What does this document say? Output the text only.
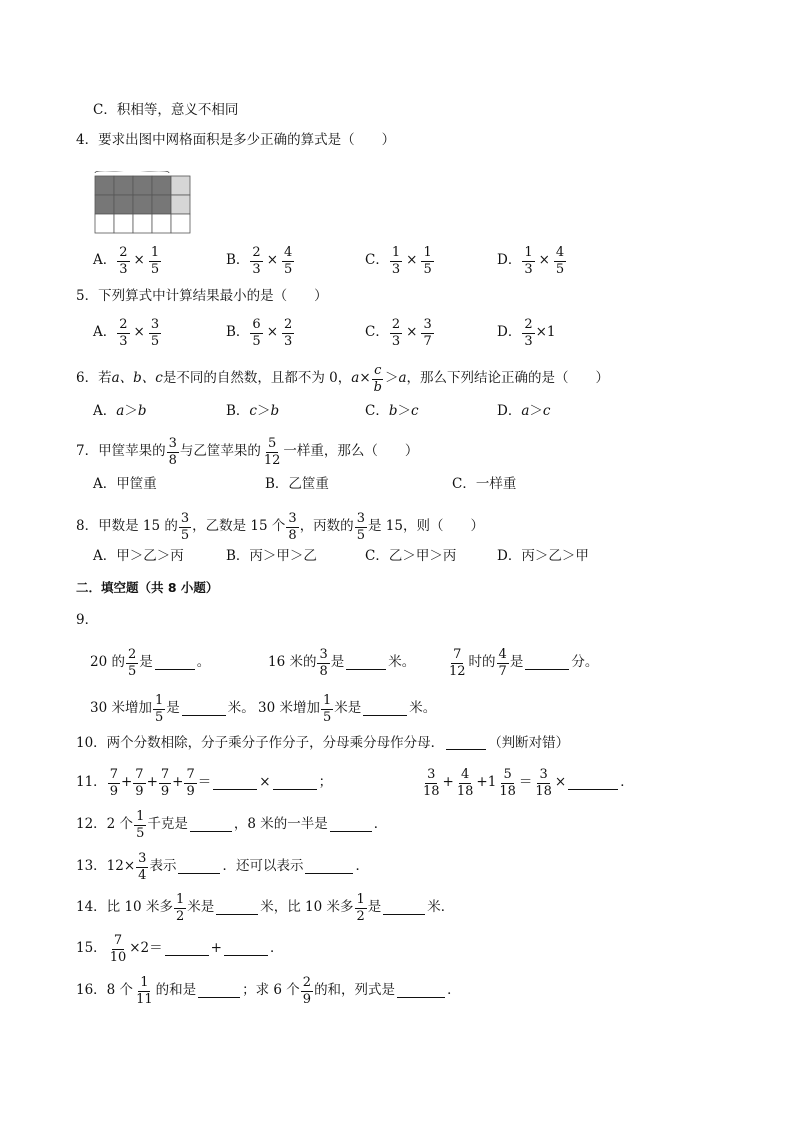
C．积相等，意义不相同
4．要求出图中网格面积是多少正确的算式是（　　）
A． $\frac{2}{3} \times \frac{1}{5}$	B． $\frac{2}{3} \times \frac{4}{5}$	C． $\frac{1}{3} \times \frac{1}{5}$	D． $\frac{1}{3} \times \frac{4}{5}$
5．下列算式中计算结果最小的是（　　）
A． $\frac{2}{3} \times \frac{3}{5}$	B． $\frac{6}{5} \times \frac{2}{3}$	C． $\frac{2}{3} \times \frac{3}{7}$	D． $\frac{2}{3} \times 1$
6．若 a、b、c 是不同的自然数，且都不为 0， $a \times \frac{c}{b} > a$ ，那么下列结论正确的是（　　）
A． a ＞ b	B． c ＞ b	C． b ＞ c	D． a ＞ c
7．甲筐苹果的 $\frac{3}{8}$ 与乙筐苹果的 $\frac{5}{12}$ 一样重，那么（　　）
A．甲筐重	B．乙筐重	C．一样重
8．甲数是 15 的 $\frac{3}{5}$ ，乙数是 15 个 $\frac{3}{8}$ ，丙数的 $\frac{3}{5}$ 是 15，则（　　）
A．甲＞乙＞丙	B．丙＞甲＞乙	C．乙＞甲＞丙	D．丙＞乙＞甲
二．填空题（共 8 小题）
9．
20 的 $\frac{2}{5}$ 是	。	16 米的 $\frac{3}{8}$ 是	米。 $\frac{7}{12}$ 时的 $\frac{4}{7}$ 是	分。
30 米增加 $\frac{1}{5}$ 是	米。 30 米增加 $\frac{1}{5}$ 米是	米。
10．两个分数相除，分子乘分子作分子，分母乘分母作分母．	（判断对错）
11． $\frac{7}{9} + \frac{7}{9} + \frac{7}{9} + \frac{7}{9}$ ＝	×	；	$\frac{3}{18} + \frac{4}{18} + 1 \frac{5}{18} = \frac{3}{18}$ ×	．
12．2 个 $\frac{1}{5}$ 千克是	，8 米的一半是	．
13．$12\times \frac{3}{4}$ 表示	．还可以表示	．
14．比 10 米多 $\frac{1}{2}$ 米是	米，比 10 米多 $\frac{1}{2}$ 是	米．
15． $\frac{7}{10} \times 2=$	+	．
16．8 个 $\frac{1}{11}$ 的和是	；求 6 个 $\frac{2}{9}$ 的和，列式是	．
